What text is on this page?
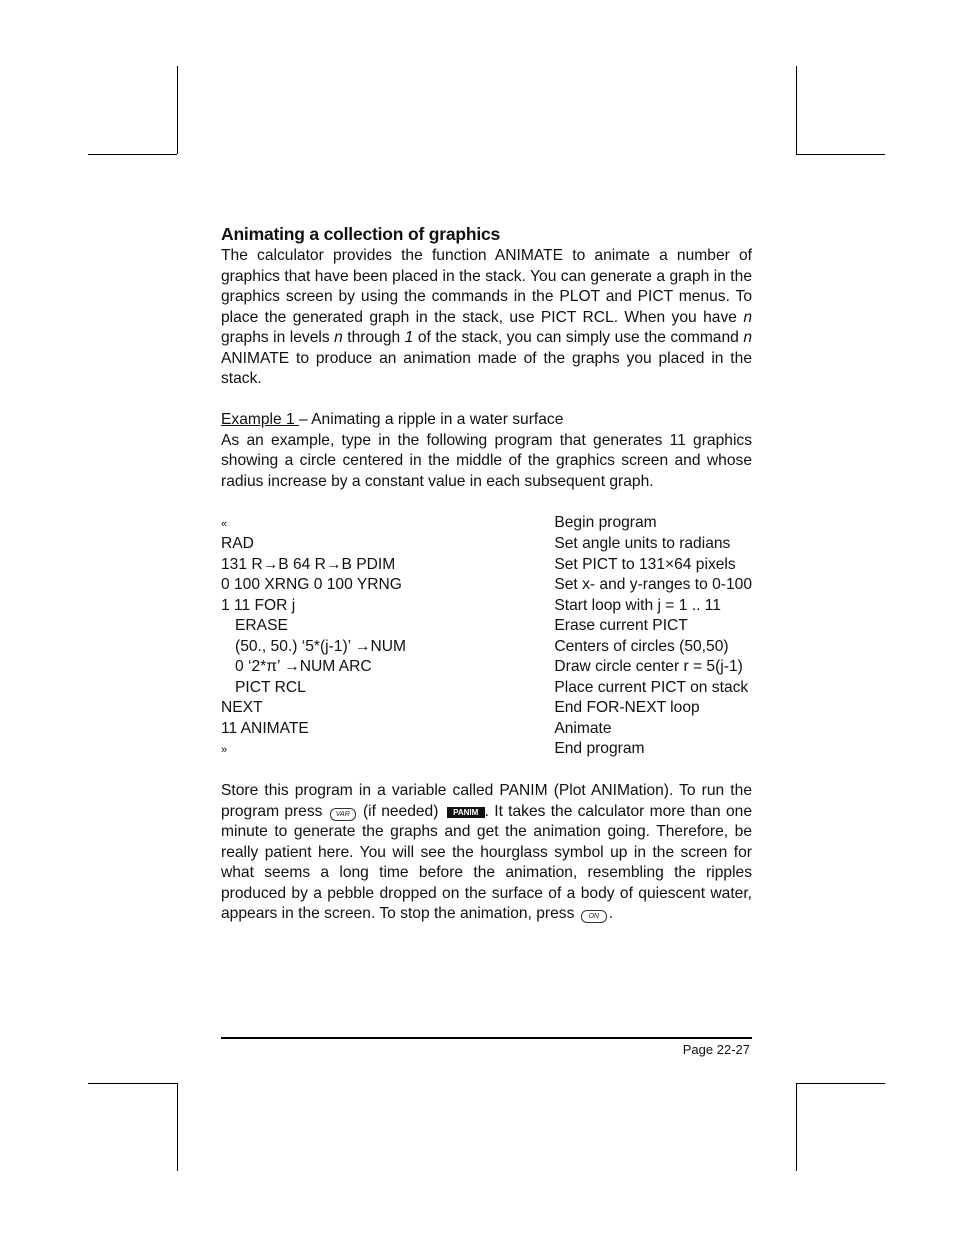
Animating a collection of graphics

The calculator provides the function ANIMATE to animate a number of graphics that have been placed in the stack. You can generate a graph in the graphics screen by using the commands in the PLOT and PICT menus. To place the generated graph in the stack, use PICT RCL. When you have n graphs in levels n through 1 of the stack, you can simply use the command n ANIMATE to produce an animation made of the graphs you placed in the stack.

Example 1 – Animating a ripple in a water surface

As an example, type in the following program that generates 11 graphics showing a circle centered in the middle of the graphics screen and whose radius increase by a constant value in each subsequent graph.

«	Begin program
RAD	Set angle units to radians
131 R→B 64 R→B PDIM	Set PICT to 131×64 pixels
0 100 XRNG 0 100 YRNG	Set x- and y-ranges to 0-100
1 11 FOR j	Start loop with j = 1 .. 11
ERASE	Erase current PICT
(50., 50.) ‘5*(j-1)’ →NUM	Centers of circles (50,50)
0 ‘2*π’ →NUM ARC	Draw circle center r = 5(j-1)
PICT RCL	Place current PICT on stack
NEXT	End FOR-NEXT loop
11 ANIMATE	Animate
»	End program

Store this program in a variable called PANIM (Plot ANIMation). To run the program press VAR (if needed) PANIM . It takes the calculator more than one minute to generate the graphs and get the animation going. Therefore, be really patient here. You will see the hourglass symbol up in the screen for what seems a long time before the animation, resembling the ripples produced by a pebble dropped on the surface of a body of quiescent water, appears in the screen. To stop the animation, press ON .

Page 22-27
